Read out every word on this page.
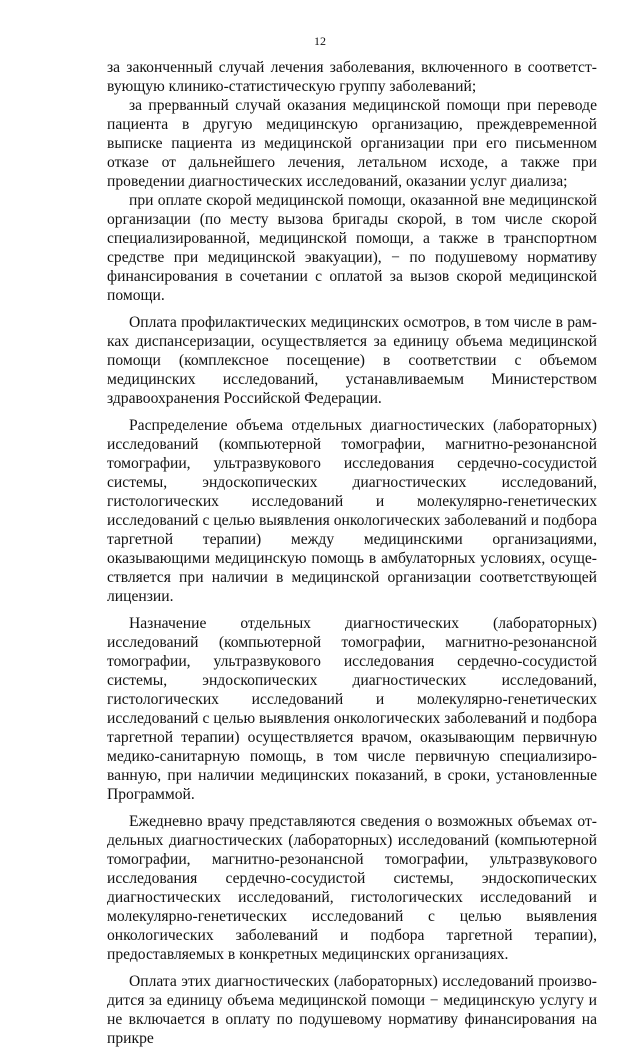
12

за законченный случай лечения заболевания, включенного в соответствующую клинико-статистическую группу заболеваний;

за прерванный случай оказания медицинской помощи при переводе пациента в другую медицинскую организацию, преждевременной выписке пациента из медицинской организации при его письменном отказе от дальнейшего лечения, летальном исходе, а также при проведении диагностических исследований, оказании услуг диализа;

при оплате скорой медицинской помощи, оказанной вне медицинской организации (по месту вызова бригады скорой, в том числе скорой специализированной, медицинской помощи, а также в транспортном средстве при медицинской эвакуации), − по подушевому нормативу финансирования в сочетании с оплатой за вызов скорой медицинской помощи.

Оплата профилактических медицинских осмотров, в том числе в рамках диспансеризации, осуществляется за единицу объема медицинской помощи (комплексное посещение) в соответствии с объемом медицинских исследований, устанавливаемым Министерством здравоохранения Российской Федерации.

Распределение объема отдельных диагностических (лабораторных) исследований (компьютерной томографии, магнитно-резонансной томографии, ультразвукового исследования сердечно-сосудистой системы, эндоскопических диагностических исследований, гистологических исследований и молекулярно-генетических исследований с целью выявления онкологических заболеваний и подбора таргетной терапии) между медицинскими организациями, оказывающими медицинскую помощь в амбулаторных условиях, осуществляется при наличии в медицинской организации соответствующей лицензии.

Назначение отдельных диагностических (лабораторных) исследований (компьютерной томографии, магнитно-резонансной томографии, ультразвукового исследования сердечно-сосудистой системы, эндоскопических диагностических исследований, гистологических исследований и молекулярно-генетических исследований с целью выявления онкологических заболеваний и подбора таргетной терапии) осуществляется врачом, оказывающим первичную медико-санитарную помощь, в том числе первичную специализированную, при наличии медицинских показаний, в сроки, установленные Программой.

Ежедневно врачу представляются сведения о возможных объемах отдельных диагностических (лабораторных) исследований (компьютерной томографии, магнитно-резонансной томографии, ультразвукового исследования сердечно-сосудистой системы, эндоскопических диагностических исследований, гистологических исследований и молекулярно-генетических исследований с целью выявления онкологических заболеваний и подбора таргетной терапии), предоставляемых в конкретных медицинских организациях.

Оплата этих диагностических (лабораторных) исследований производится за единицу объема медицинской помощи − медицинскую услугу и не включается в оплату по подушевому нормативу финансирования на прикре
